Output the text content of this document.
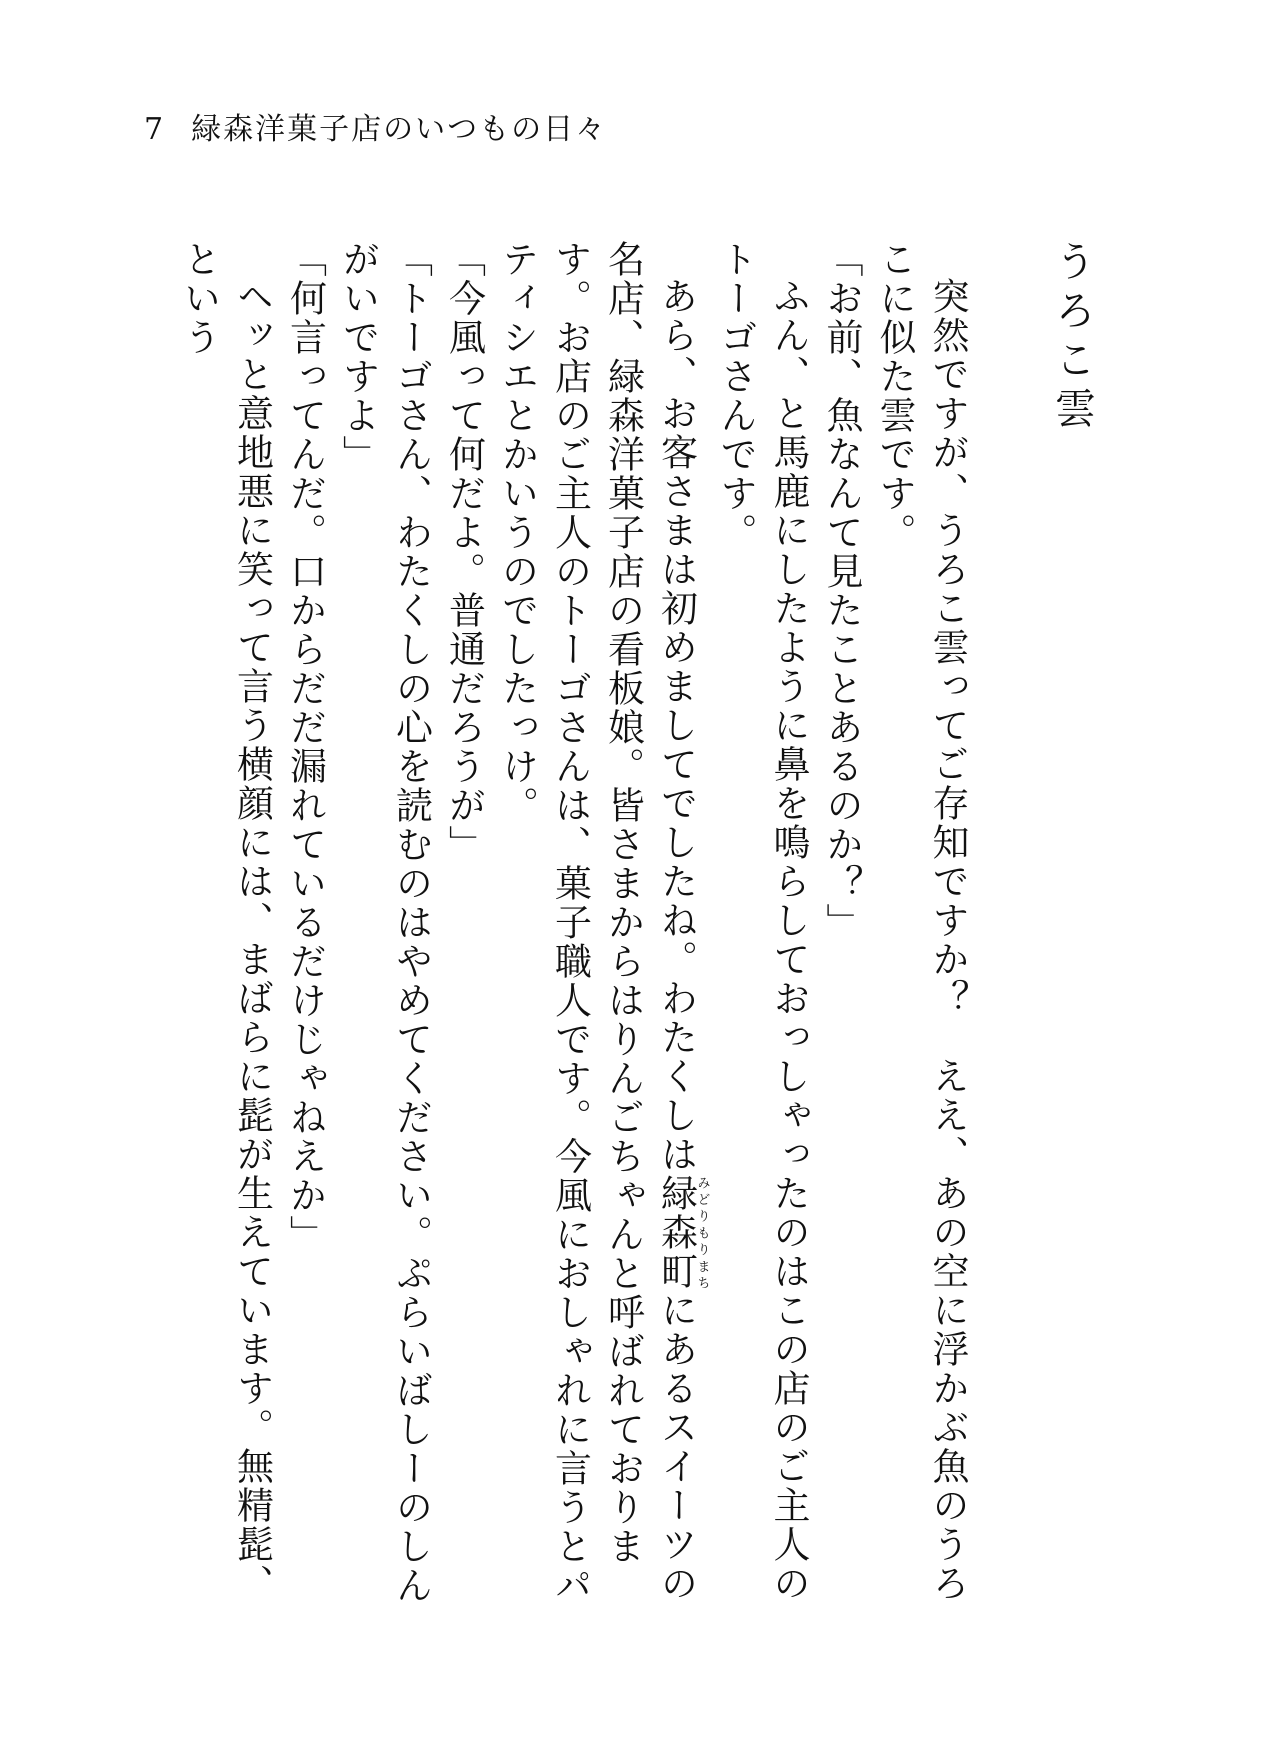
7 緑森洋菓子店のいつもの日々
うろこ雲

突然ですが、うろこ雲ってご存知ですか？　ええ、あの空に浮かぶ魚のうろこに似た雲です。

「お前、魚なんて見たことあるのか？」

ふん、と馬鹿にしたように鼻を鳴らしておっしゃったのはこの店のご主人のトーゴさんです。

あら、お客さまは初めましてでしたね。わたくしは緑森町みどりもりまちにあるスイーツの名店、緑森洋菓子店の看板娘。皆さまからはりんごちゃんと呼ばれております。お店のご主人のトーゴさんは、菓子職人です。今風におしゃれに言うとパティシエとかいうのでしたっけ。

「今風って何だよ。普通だろうが」

「トーゴさん、わたくしの心を読むのはやめてください。ぷらいばしーのしんがいですよ」

「何言ってんだ。口からだだ漏れているだけじゃねえか」

ヘッと意地悪に笑って言う横顔には、まばらに髭が生えています。無精髭、という
